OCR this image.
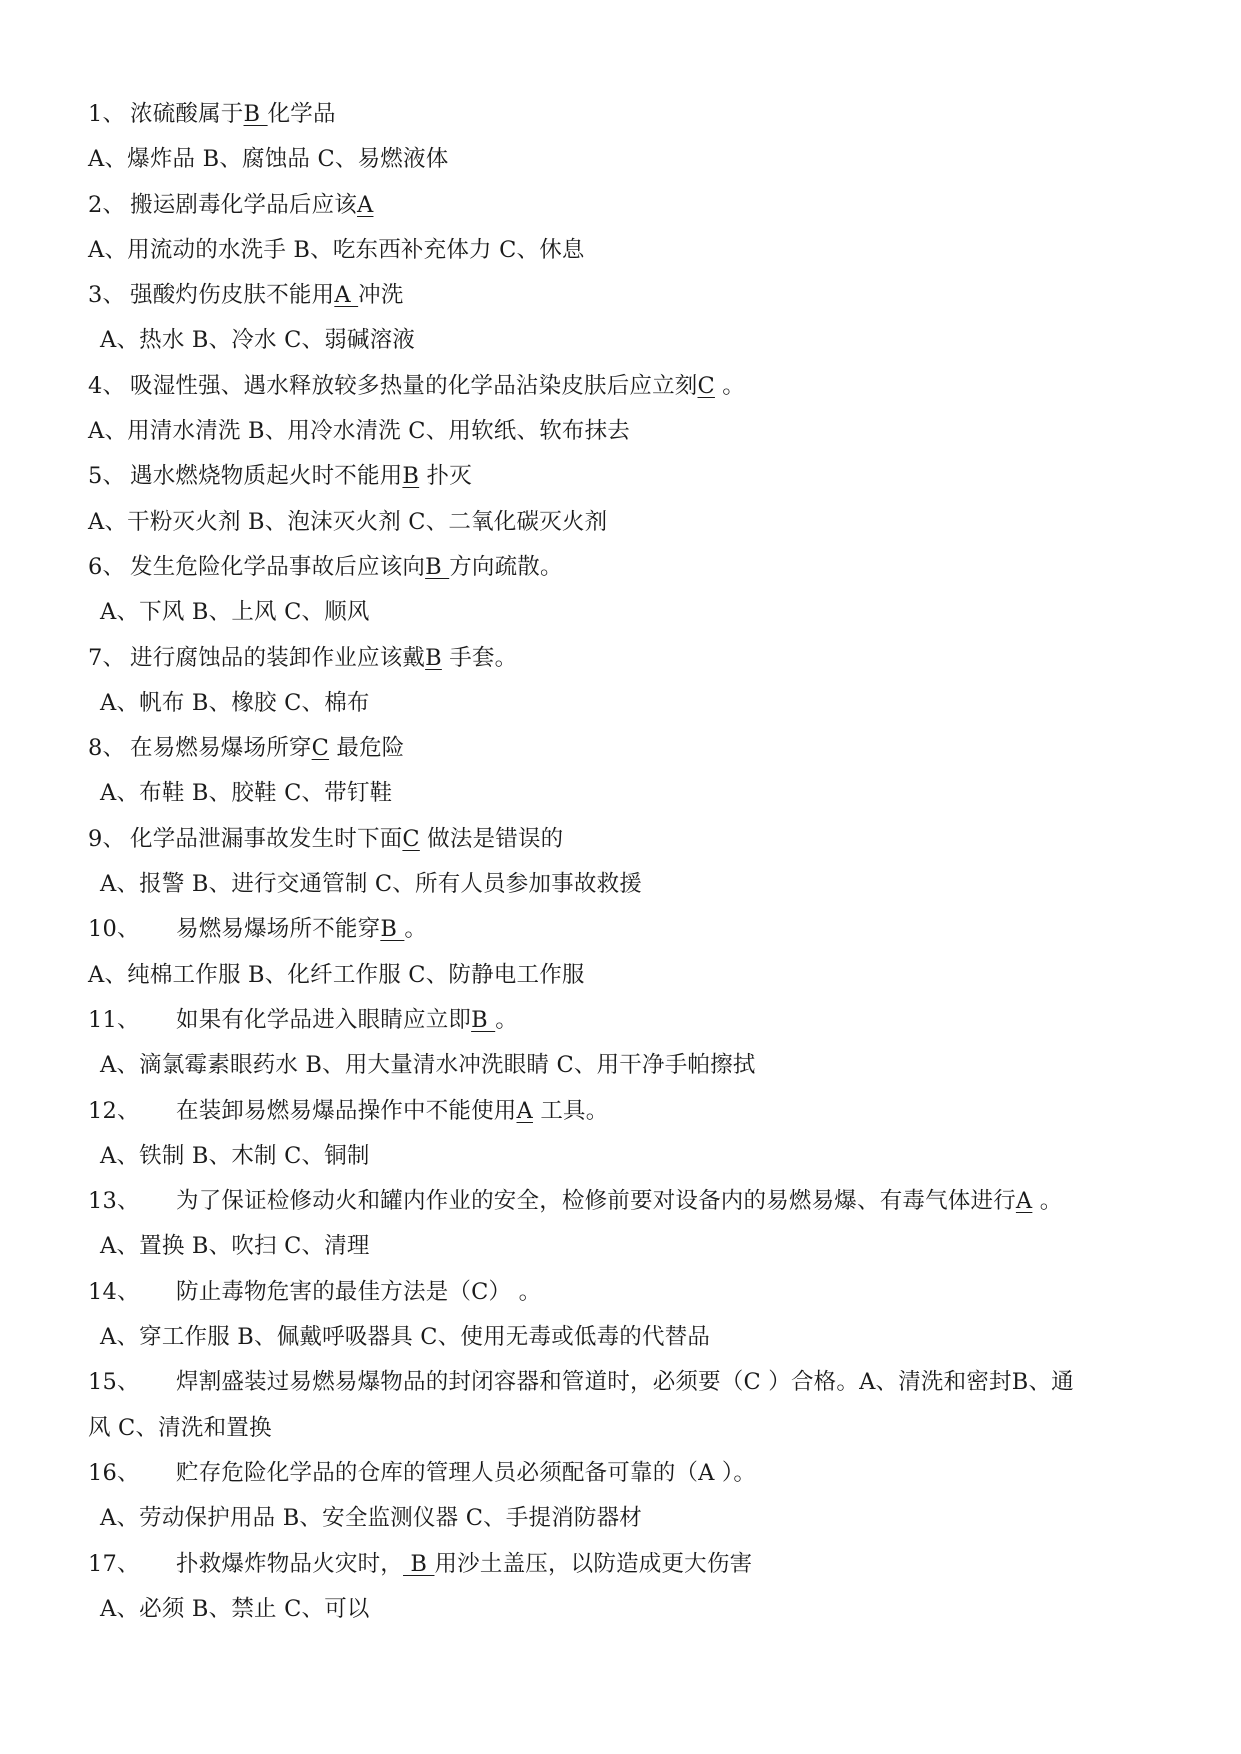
1、 浓硫酸属于B 化学品
A、爆炸品 B、腐蚀品 C、易燃液体
2、 搬运剧毒化学品后应该A
A、用流动的水洗手 B、吃东西补充体力 C、休息
3、 强酸灼伤皮肤不能用A 冲洗
A、热水 B、冷水 C、弱碱溶液
4、 吸湿性强、遇水释放较多热量的化学品沾染皮肤后应立刻C 。
A、用清水清洗 B、用冷水清洗 C、用软纸、软布抹去
5、 遇水燃烧物质起火时不能用B 扑灭
A、干粉灭火剂 B、泡沫灭火剂 C、二氧化碳灭火剂
6、 发生危险化学品事故后应该向B 方向疏散。
A、下风 B、上风 C、顺风
7、 进行腐蚀品的装卸作业应该戴B 手套。
A、帆布 B、橡胶 C、棉布
8、 在易燃易爆场所穿C 最危险
A、布鞋 B、胶鞋 C、带钉鞋
9、 化学品泄漏事故发生时下面C 做法是错误的
A、报警 B、进行交通管制 C、所有人员参加事故救援
10、 易燃易爆场所不能穿B 。
A、纯棉工作服 B、化纤工作服 C、防静电工作服
11、 如果有化学品进入眼睛应立即B 。
A、滴氯霉素眼药水 B、用大量清水冲洗眼睛 C、用干净手帕擦拭
12、 在装卸易燃易爆品操作中不能使用A 工具。
A、铁制 B、木制 C、铜制
13、 为了保证检修动火和罐内作业的安全，检修前要对设备内的易燃易爆、有毒气体进行A 。
A、置换 B、吹扫 C、清理
14、 防止毒物危害的最佳方法是（C） 。
A、穿工作服 B、佩戴呼吸器具 C、使用无毒或低毒的代替品
15、 焊割盛装过易燃易爆物品的封闭容器和管道时，必须要（C ）合格。A、清洗和密封B、通
风 C、清洗和置换
16、 贮存危险化学品的仓库的管理人员必须配备可靠的（A ）。
A、劳动保护用品 B、安全监测仪器 C、手提消防器材
17、 扑救爆炸物品火灾时， B 用沙土盖压，以防造成更大伤害
A、必须 B、禁止 C、可以
